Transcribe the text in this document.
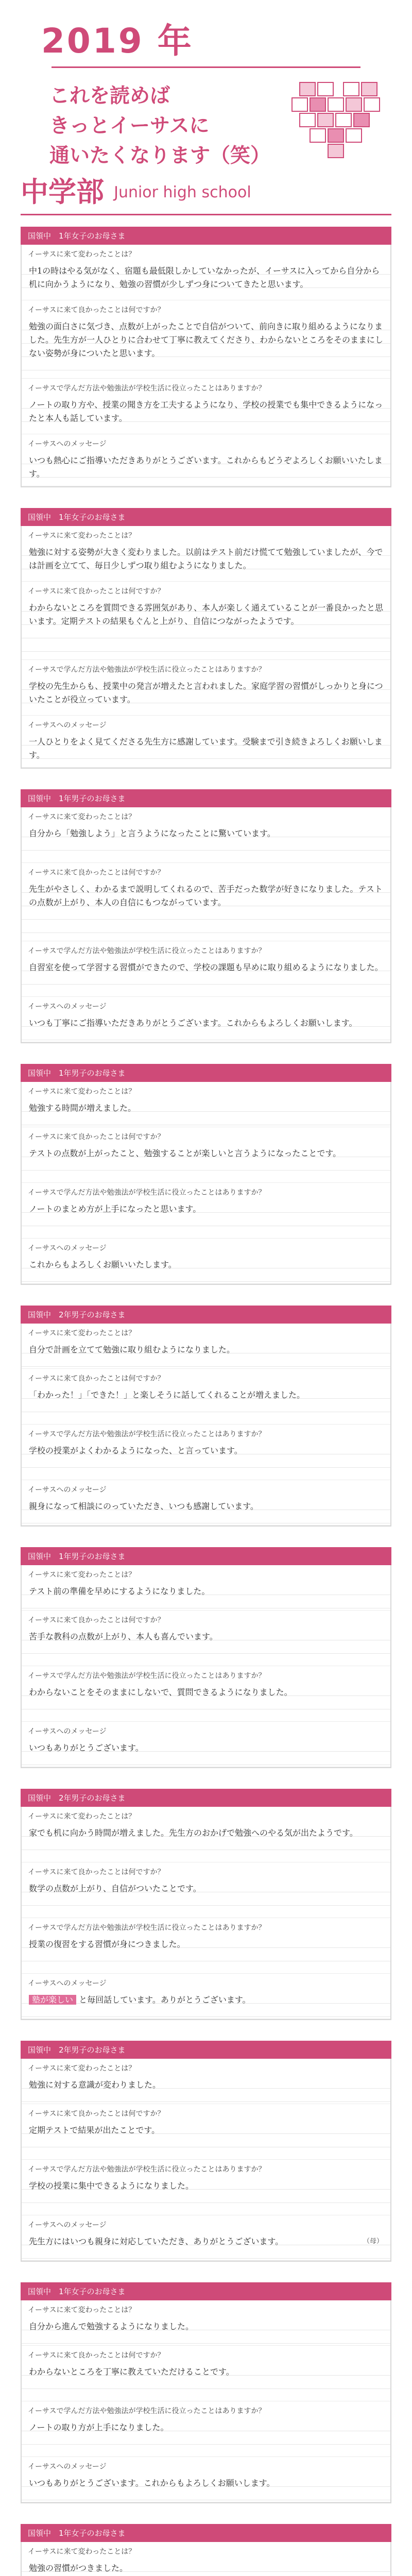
2019 年
これを読めば
きっとイーサスに
通いたくなります（笑）
中学部 Junior high school
国領中　1年女子のお母さま
イーサスに来て変わったことは？
中1の時はやる気がなく、宿題も最低限しかしていなかったが、イーサスに入ってから自分から机に向かうようになり、勉強の習慣が少しずつ身についてきたと思います。
イーサスに来て良かったことは何ですか？
勉強の面白さに気づき、点数が上がったことで自信がついて、前向きに取り組めるようになりました。先生方が一人ひとりに合わせて丁寧に教えてくださり、わからないところをそのままにしない姿勢が身についたと思います。
イーサスで学んだ方法や勉強法が学校生活に役立ったことはありますか？
ノートの取り方や、授業の聞き方を工夫するようになり、学校の授業でも集中できるようになったと本人も話しています。
イーサスへのメッセージ
いつも熱心にご指導いただきありがとうございます。これからもどうぞよろしくお願いいたします。
国領中　1年女子のお母さま
イーサスに来て変わったことは？
勉強に対する姿勢が大きく変わりました。以前はテスト前だけ慌てて勉強していましたが、今では計画を立てて、毎日少しずつ取り組むようになりました。
イーサスに来て良かったことは何ですか？
わからないところを質問できる雰囲気があり、本人が楽しく通えていることが一番良かったと思います。定期テストの結果もぐんと上がり、自信につながったようです。
イーサスで学んだ方法や勉強法が学校生活に役立ったことはありますか？
学校の先生からも、授業中の発言が増えたと言われました。家庭学習の習慣がしっかりと身についたことが役立っています。
イーサスへのメッセージ
一人ひとりをよく見てくださる先生方に感謝しています。受験まで引き続きよろしくお願いします。
国領中　1年男子のお母さま
イーサスに来て変わったことは？
自分から「勉強しよう」と言うようになったことに驚いています。
イーサスに来て良かったことは何ですか？
先生がやさしく、わかるまで説明してくれるので、苦手だった数学が好きになりました。テストの点数が上がり、本人の自信にもつながっています。
イーサスで学んだ方法や勉強法が学校生活に役立ったことはありますか？
自習室を使って学習する習慣ができたので、学校の課題も早めに取り組めるようになりました。
イーサスへのメッセージ
いつも丁寧にご指導いただきありがとうございます。これからもよろしくお願いします。
国領中　1年男子のお母さま
イーサスに来て変わったことは？
勉強する時間が増えました。
イーサスに来て良かったことは何ですか？
テストの点数が上がったこと、勉強することが楽しいと言うようになったことです。
イーサスで学んだ方法や勉強法が学校生活に役立ったことはありますか？
ノートのまとめ方が上手になったと思います。
イーサスへのメッセージ
これからもよろしくお願いいたします。
国領中　2年男子のお母さま
イーサスに来て変わったことは？
自分で計画を立てて勉強に取り組むようになりました。
イーサスに来て良かったことは何ですか？
「わかった！」「できた！」と楽しそうに話してくれることが増えました。
イーサスで学んだ方法や勉強法が学校生活に役立ったことはありますか？
学校の授業がよくわかるようになった、と言っています。
イーサスへのメッセージ
親身になって相談にのっていただき、いつも感謝しています。
国領中　1年男子のお母さま
イーサスに来て変わったことは？
テスト前の準備を早めにするようになりました。
イーサスに来て良かったことは何ですか？
苦手な教科の点数が上がり、本人も喜んでいます。
イーサスで学んだ方法や勉強法が学校生活に役立ったことはありますか？
わからないことをそのままにしないで、質問できるようになりました。
イーサスへのメッセージ
いつもありがとうございます。
国領中　2年男子のお母さま
イーサスに来て変わったことは？
家でも机に向かう時間が増えました。先生方のおかげで勉強へのやる気が出たようです。
イーサスに来て良かったことは何ですか？
数学の点数が上がり、自信がついたことです。
イーサスで学んだ方法や勉強法が学校生活に役立ったことはありますか？
授業の復習をする習慣が身につきました。
イーサスへのメッセージ
塾が楽しい と毎回話しています。ありがとうございます。
国領中　2年男子のお母さま
イーサスに来て変わったことは？
勉強に対する意識が変わりました。
イーサスに来て良かったことは何ですか？
定期テストで結果が出たことです。
イーサスで学んだ方法や勉強法が学校生活に役立ったことはありますか？
学校の授業に集中できるようになりました。
イーサスへのメッセージ
先生方にはいつも親身に対応していただき、ありがとうございます。	（母）
国領中　1年女子のお母さま
イーサスに来て変わったことは？
自分から進んで勉強するようになりました。
イーサスに来て良かったことは何ですか？
わからないところを丁寧に教えていただけることです。
イーサスで学んだ方法や勉強法が学校生活に役立ったことはありますか？
ノートの取り方が上手になりました。
イーサスへのメッセージ
いつもありがとうございます。これからもよろしくお願いします。
国領中　1年女子のお母さま
イーサスに来て変わったことは？
勉強の習慣がつきました。
